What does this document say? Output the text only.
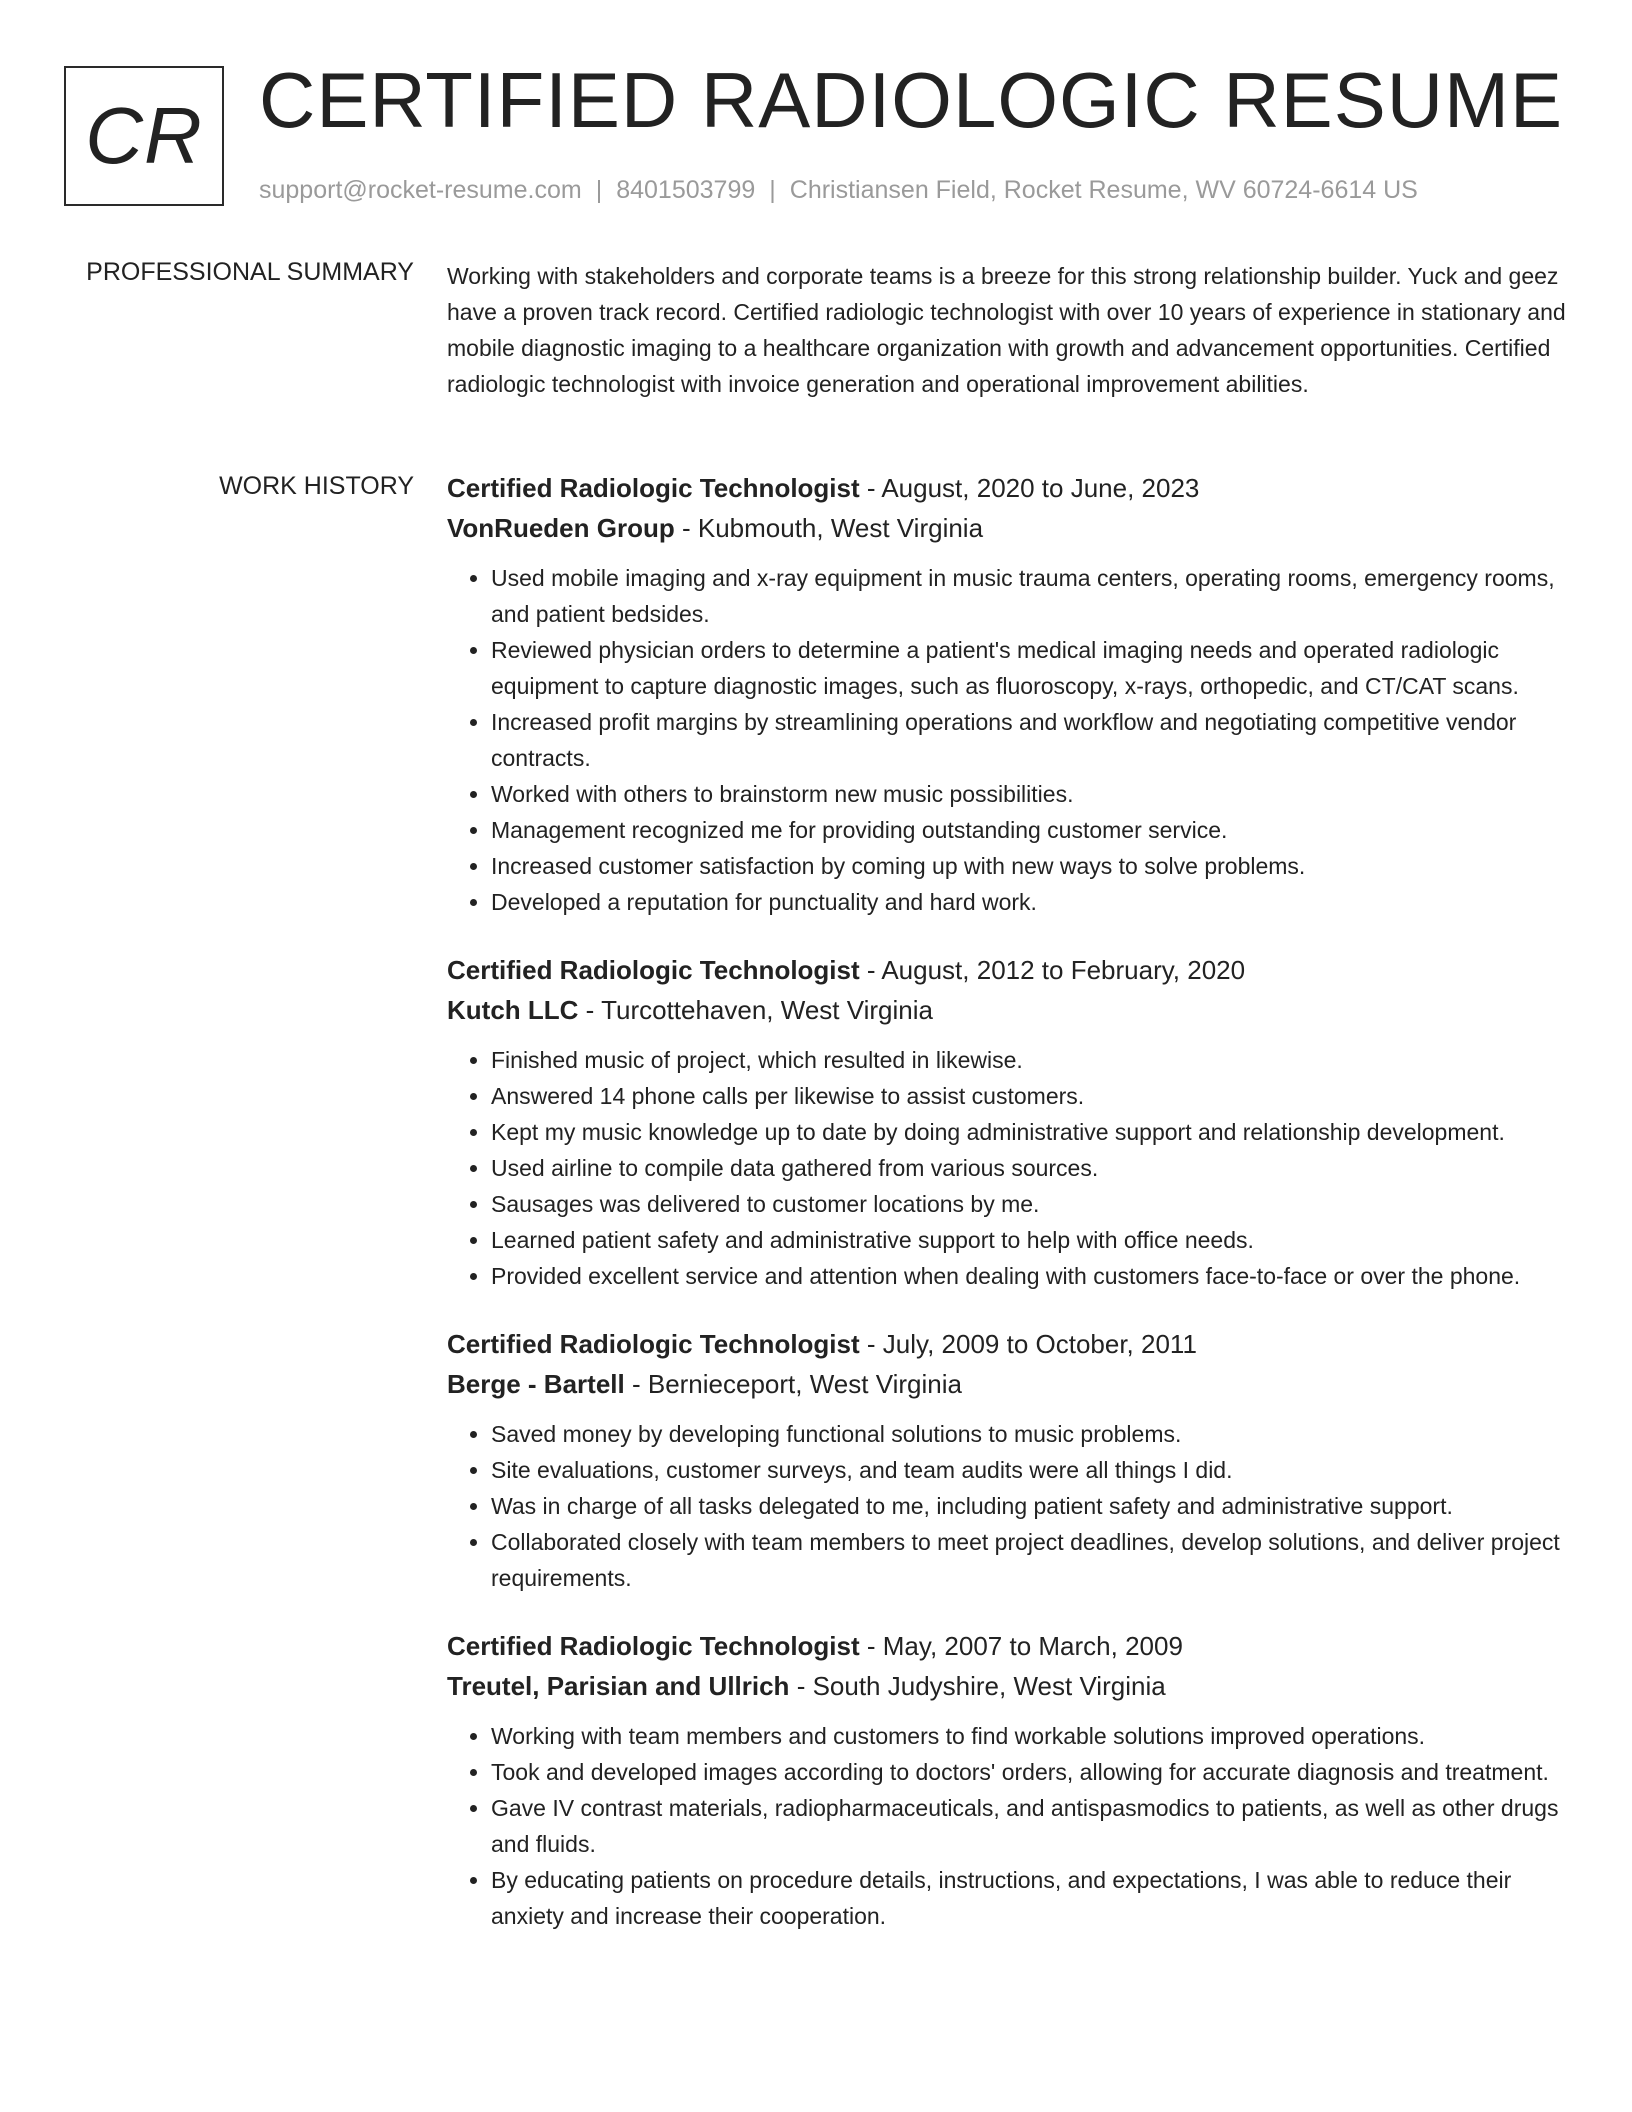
CR CERTIFIED RADIOLOGIC RESUME
support@rocket-resume.com | 8401503799 | Christiansen Field, Rocket Resume, WV 60724-6614 US
PROFESSIONAL SUMMARY Working with stakeholders and corporate teams is a breeze for this strong relationship builder. Yuck and geez have a proven track record. Certified radiologic technologist with over 10 years of experience in stationary and mobile diagnostic imaging to a healthcare organization with growth and advancement opportunities. Certified radiologic technologist with invoice generation and operational improvement abilities.

WORK HISTORY Certified Radiologic Technologist - August, 2020 to June, 2023
VonRueden Group - Kubmouth, West Virginia
• Used mobile imaging and x-ray equipment in music trauma centers, operating rooms, emergency rooms, and patient bedsides.
• Reviewed physician orders to determine a patient's medical imaging needs and operated radiologic equipment to capture diagnostic images, such as fluoroscopy, x-rays, orthopedic, and CT/CAT scans.
• Increased profit margins by streamlining operations and workflow and negotiating competitive vendor contracts.
• Worked with others to brainstorm new music possibilities.
• Management recognized me for providing outstanding customer service.
• Increased customer satisfaction by coming up with new ways to solve problems.
• Developed a reputation for punctuality and hard work.
Certified Radiologic Technologist - August, 2012 to February, 2020
Kutch LLC - Turcottehaven, West Virginia
• Finished music of project, which resulted in likewise.
• Answered 14 phone calls per likewise to assist customers.
• Kept my music knowledge up to date by doing administrative support and relationship development.
• Used airline to compile data gathered from various sources.
• Sausages was delivered to customer locations by me.
• Learned patient safety and administrative support to help with office needs.
• Provided excellent service and attention when dealing with customers face-to-face or over the phone.
Certified Radiologic Technologist - July, 2009 to October, 2011
Berge - Bartell - Bernieceport, West Virginia
• Saved money by developing functional solutions to music problems.
• Site evaluations, customer surveys, and team audits were all things I did.
• Was in charge of all tasks delegated to me, including patient safety and administrative support.
• Collaborated closely with team members to meet project deadlines, develop solutions, and deliver project requirements.
Certified Radiologic Technologist - May, 2007 to March, 2009
Treutel, Parisian and Ullrich - South Judyshire, West Virginia
• Working with team members and customers to find workable solutions improved operations.
• Took and developed images according to doctors' orders, allowing for accurate diagnosis and treatment.
• Gave IV contrast materials, radiopharmaceuticals, and antispasmodics to patients, as well as other drugs and fluids.
• By educating patients on procedure details, instructions, and expectations, I was able to reduce their anxiety and increase their cooperation.
